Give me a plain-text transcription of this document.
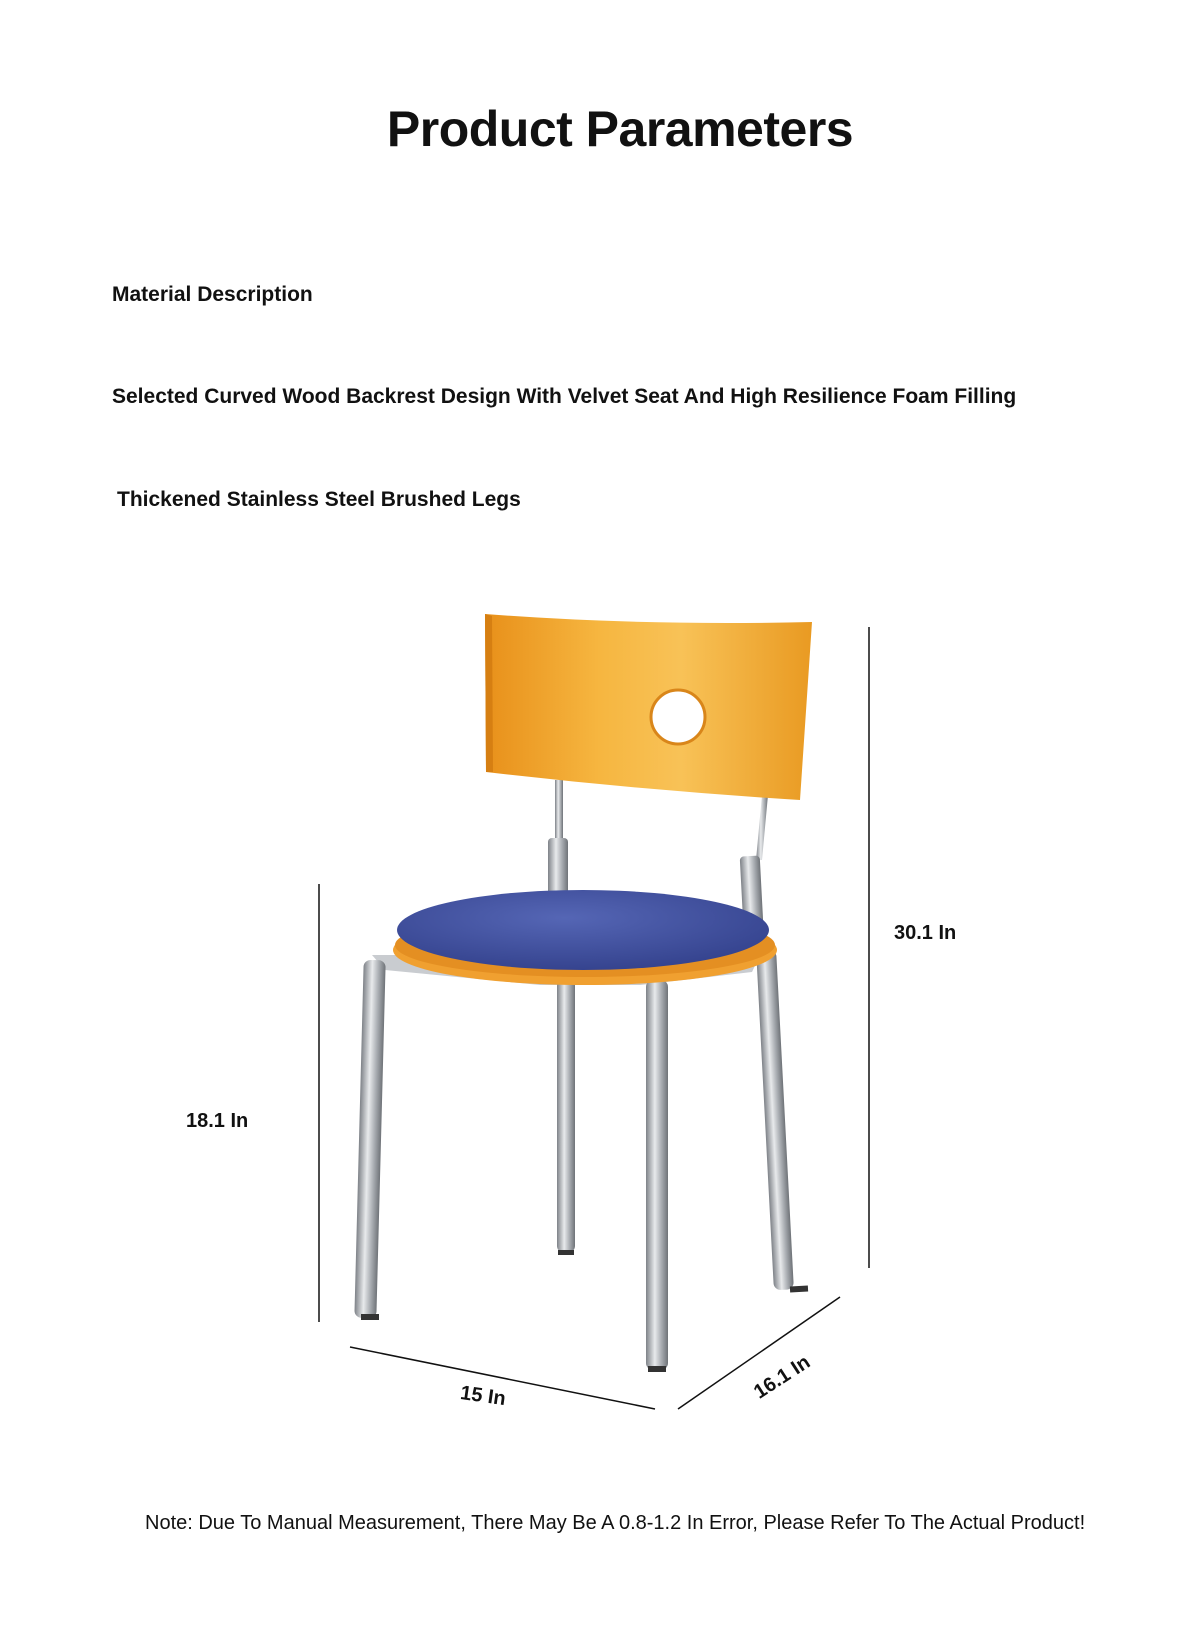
Product Parameters
Material Description
Selected Curved Wood Backrest Design With Velvet Seat And High Resilience Foam Filling
Thickened Stainless Steel Brushed Legs
30.1 In
18.1 In
15 In	16.1 In
Note: Due To Manual Measurement, There May Be A 0.8-1.2 In Error, Please Refer To The Actual Product!
